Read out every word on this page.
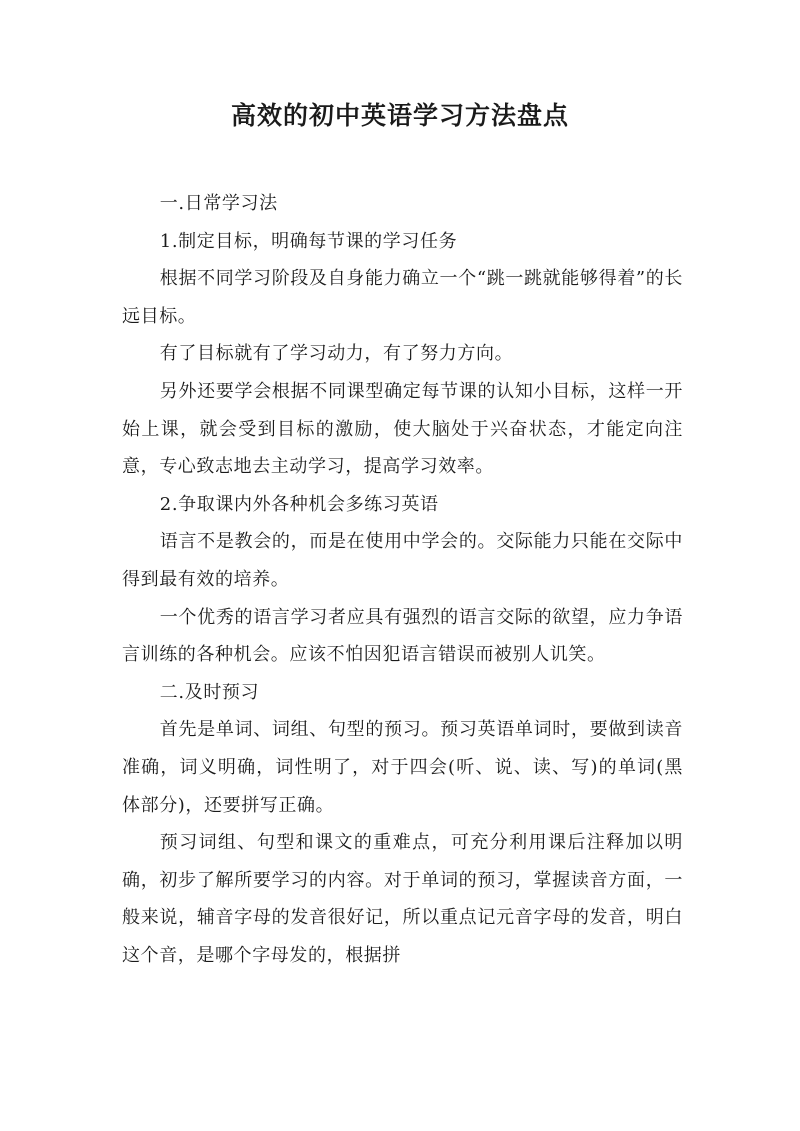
高效的初中英语学习方法盘点

一.日常学习法

1.制定目标，明确每节课的学习任务

根据不同学习阶段及自身能力确立一个“跳一跳就能够得着”的长远目标。

有了目标就有了学习动力，有了努力方向。

另外还要学会根据不同课型确定每节课的认知小目标，这样一开始上课，就会受到目标的激励，使大脑处于兴奋状态，才能定向注意，专心致志地去主动学习，提高学习效率。

2.争取课内外各种机会多练习英语

语言不是教会的，而是在使用中学会的。交际能力只能在交际中得到最有效的培养。

一个优秀的语言学习者应具有强烈的语言交际的欲望，应力争语言训练的各种机会。应该不怕因犯语言错误而被别人讥笑。

二.及时预习

首先是单词、词组、句型的预习。预习英语单词时，要做到读音准确，词义明确，词性明了，对于四会(听、说、读、写)的单词(黑体部分)，还要拼写正确。

预习词组、句型和课文的重难点，可充分利用课后注释加以明确，初步了解所要学习的内容。对于单词的预习，掌握读音方面，一般来说，辅音字母的发音很好记，所以重点记元音字母的发音，明白这个音，是哪个字母发的，根据拼
